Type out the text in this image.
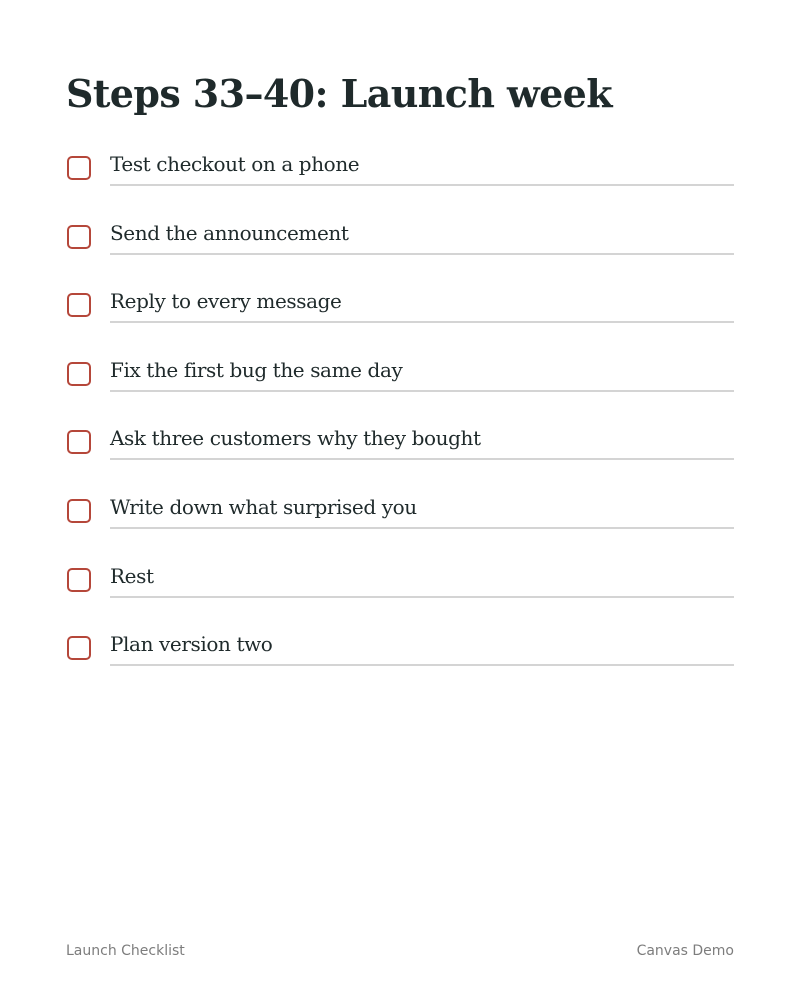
Steps 33–40: Launch week
Test checkout on a phone
Send the announcement
Reply to every message
Fix the first bug the same day
Ask three customers why they bought
Write down what surprised you
Rest
Plan version two
Launch Checklist	Canvas Demo
